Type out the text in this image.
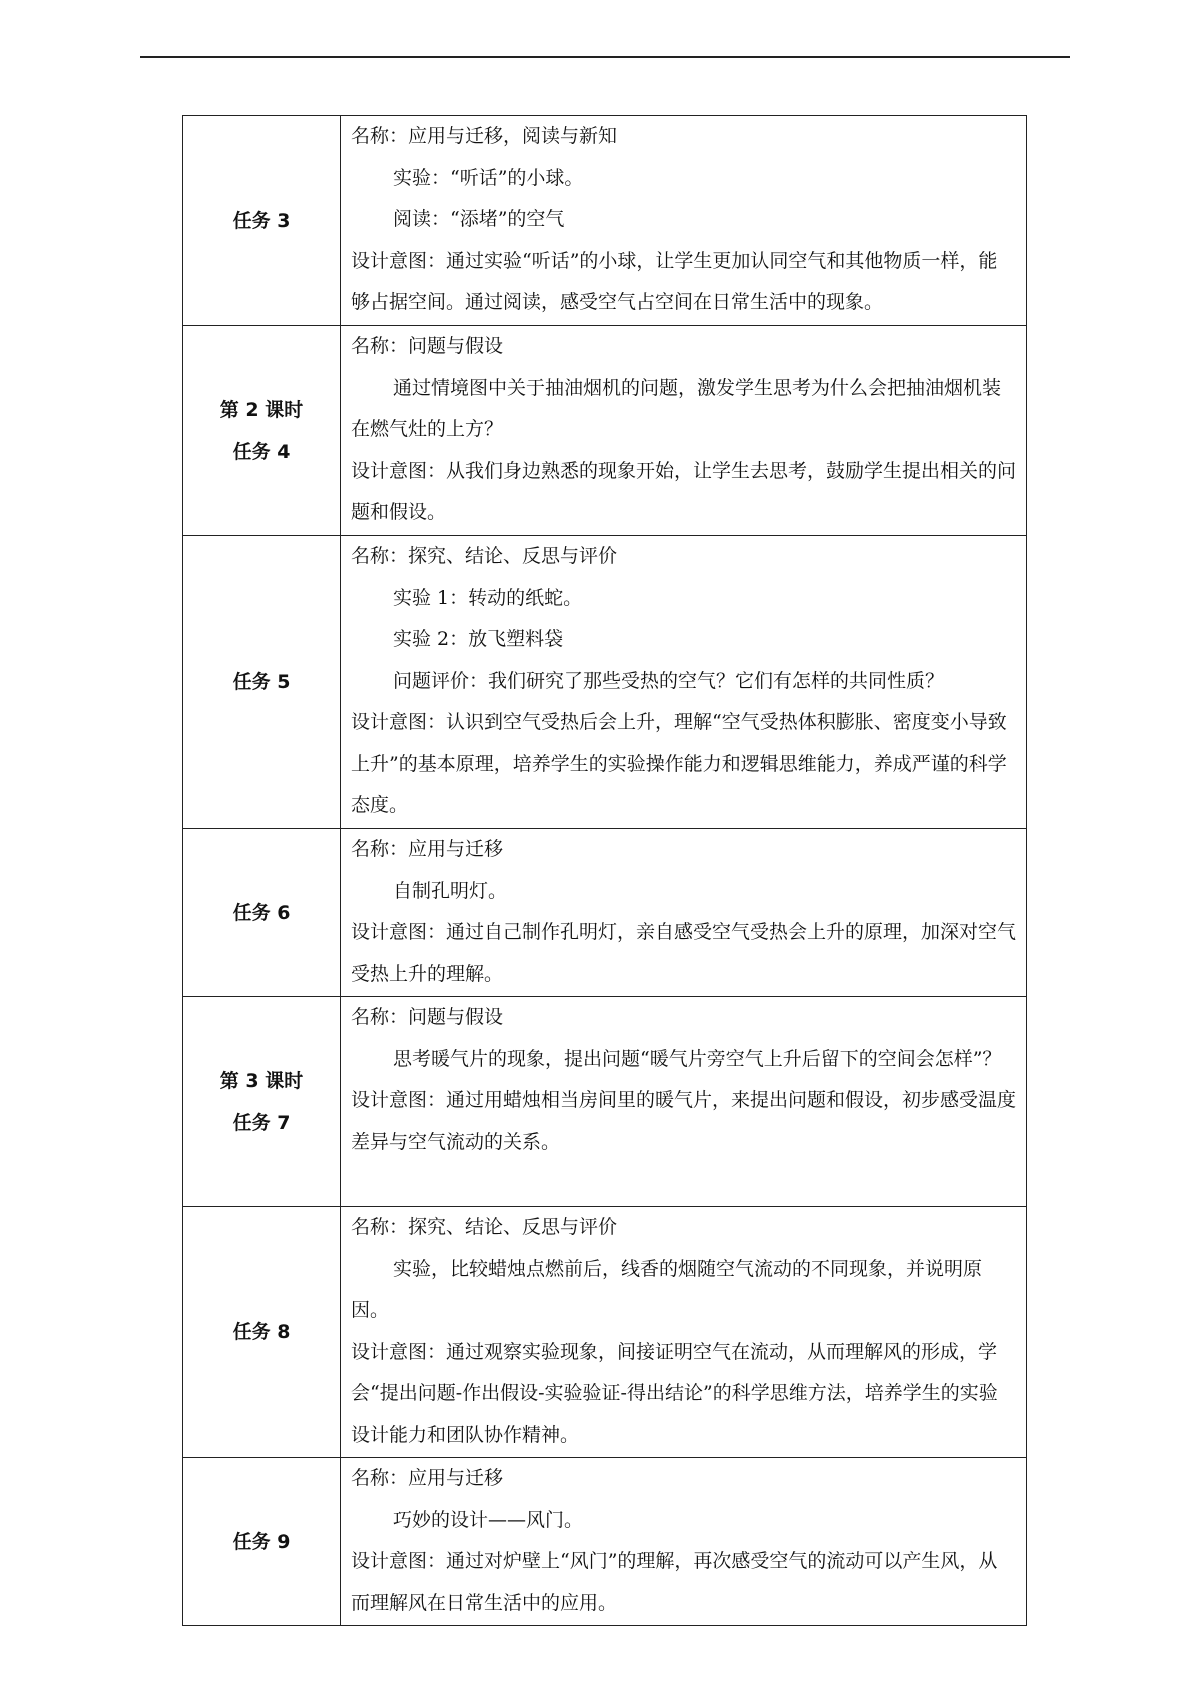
任务 3	名称：应用与迁移，阅读与新知
实验：“听话”的小球。
阅读：“添堵”的空气
设计意图：通过实验“听话”的小球，让学生更加认同空气和其他物质一样，能够占据空间。通过阅读，感受空气占空间在日常生活中的现象。

第 2 课时
任务 4	名称：问题与假设
通过情境图中关于抽油烟机的问题，激发学生思考为什么会把抽油烟机装在燃气灶的上方？
设计意图：从我们身边熟悉的现象开始，让学生去思考，鼓励学生提出相关的问题和假设。

任务 5	名称：探究、结论、反思与评价
实验 1：转动的纸蛇。
实验 2：放飞塑料袋
问题评价：我们研究了那些受热的空气？它们有怎样的共同性质？
设计意图：认识到空气受热后会上升，理解“空气受热体积膨胀、密度变小导致上升”的基本原理，培养学生的实验操作能力和逻辑思维能力，养成严谨的科学态度。

任务 6	名称：应用与迁移
自制孔明灯。
设计意图：通过自己制作孔明灯，亲自感受空气受热会上升的原理，加深对空气受热上升的理解。

第 3 课时
任务 7	名称：问题与假设
思考暖气片的现象，提出问题“暖气片旁空气上升后留下的空间会怎样”？
设计意图：通过用蜡烛相当房间里的暖气片，来提出问题和假设，初步感受温度差异与空气流动的关系。

任务 8	名称：探究、结论、反思与评价
实验，比较蜡烛点燃前后，线香的烟随空气流动的不同现象，并说明原因。
设计意图：通过观察实验现象，间接证明空气在流动，从而理解风的形成，学会“提出问题-作出假设-实验验证-得出结论”的科学思维方法，培养学生的实验设计能力和团队协作精神。

任务 9	名称：应用与迁移
巧妙的设计——风门。
设计意图：通过对炉壁上“风门”的理解，再次感受空气的流动可以产生风，从而理解风在日常生活中的应用。
